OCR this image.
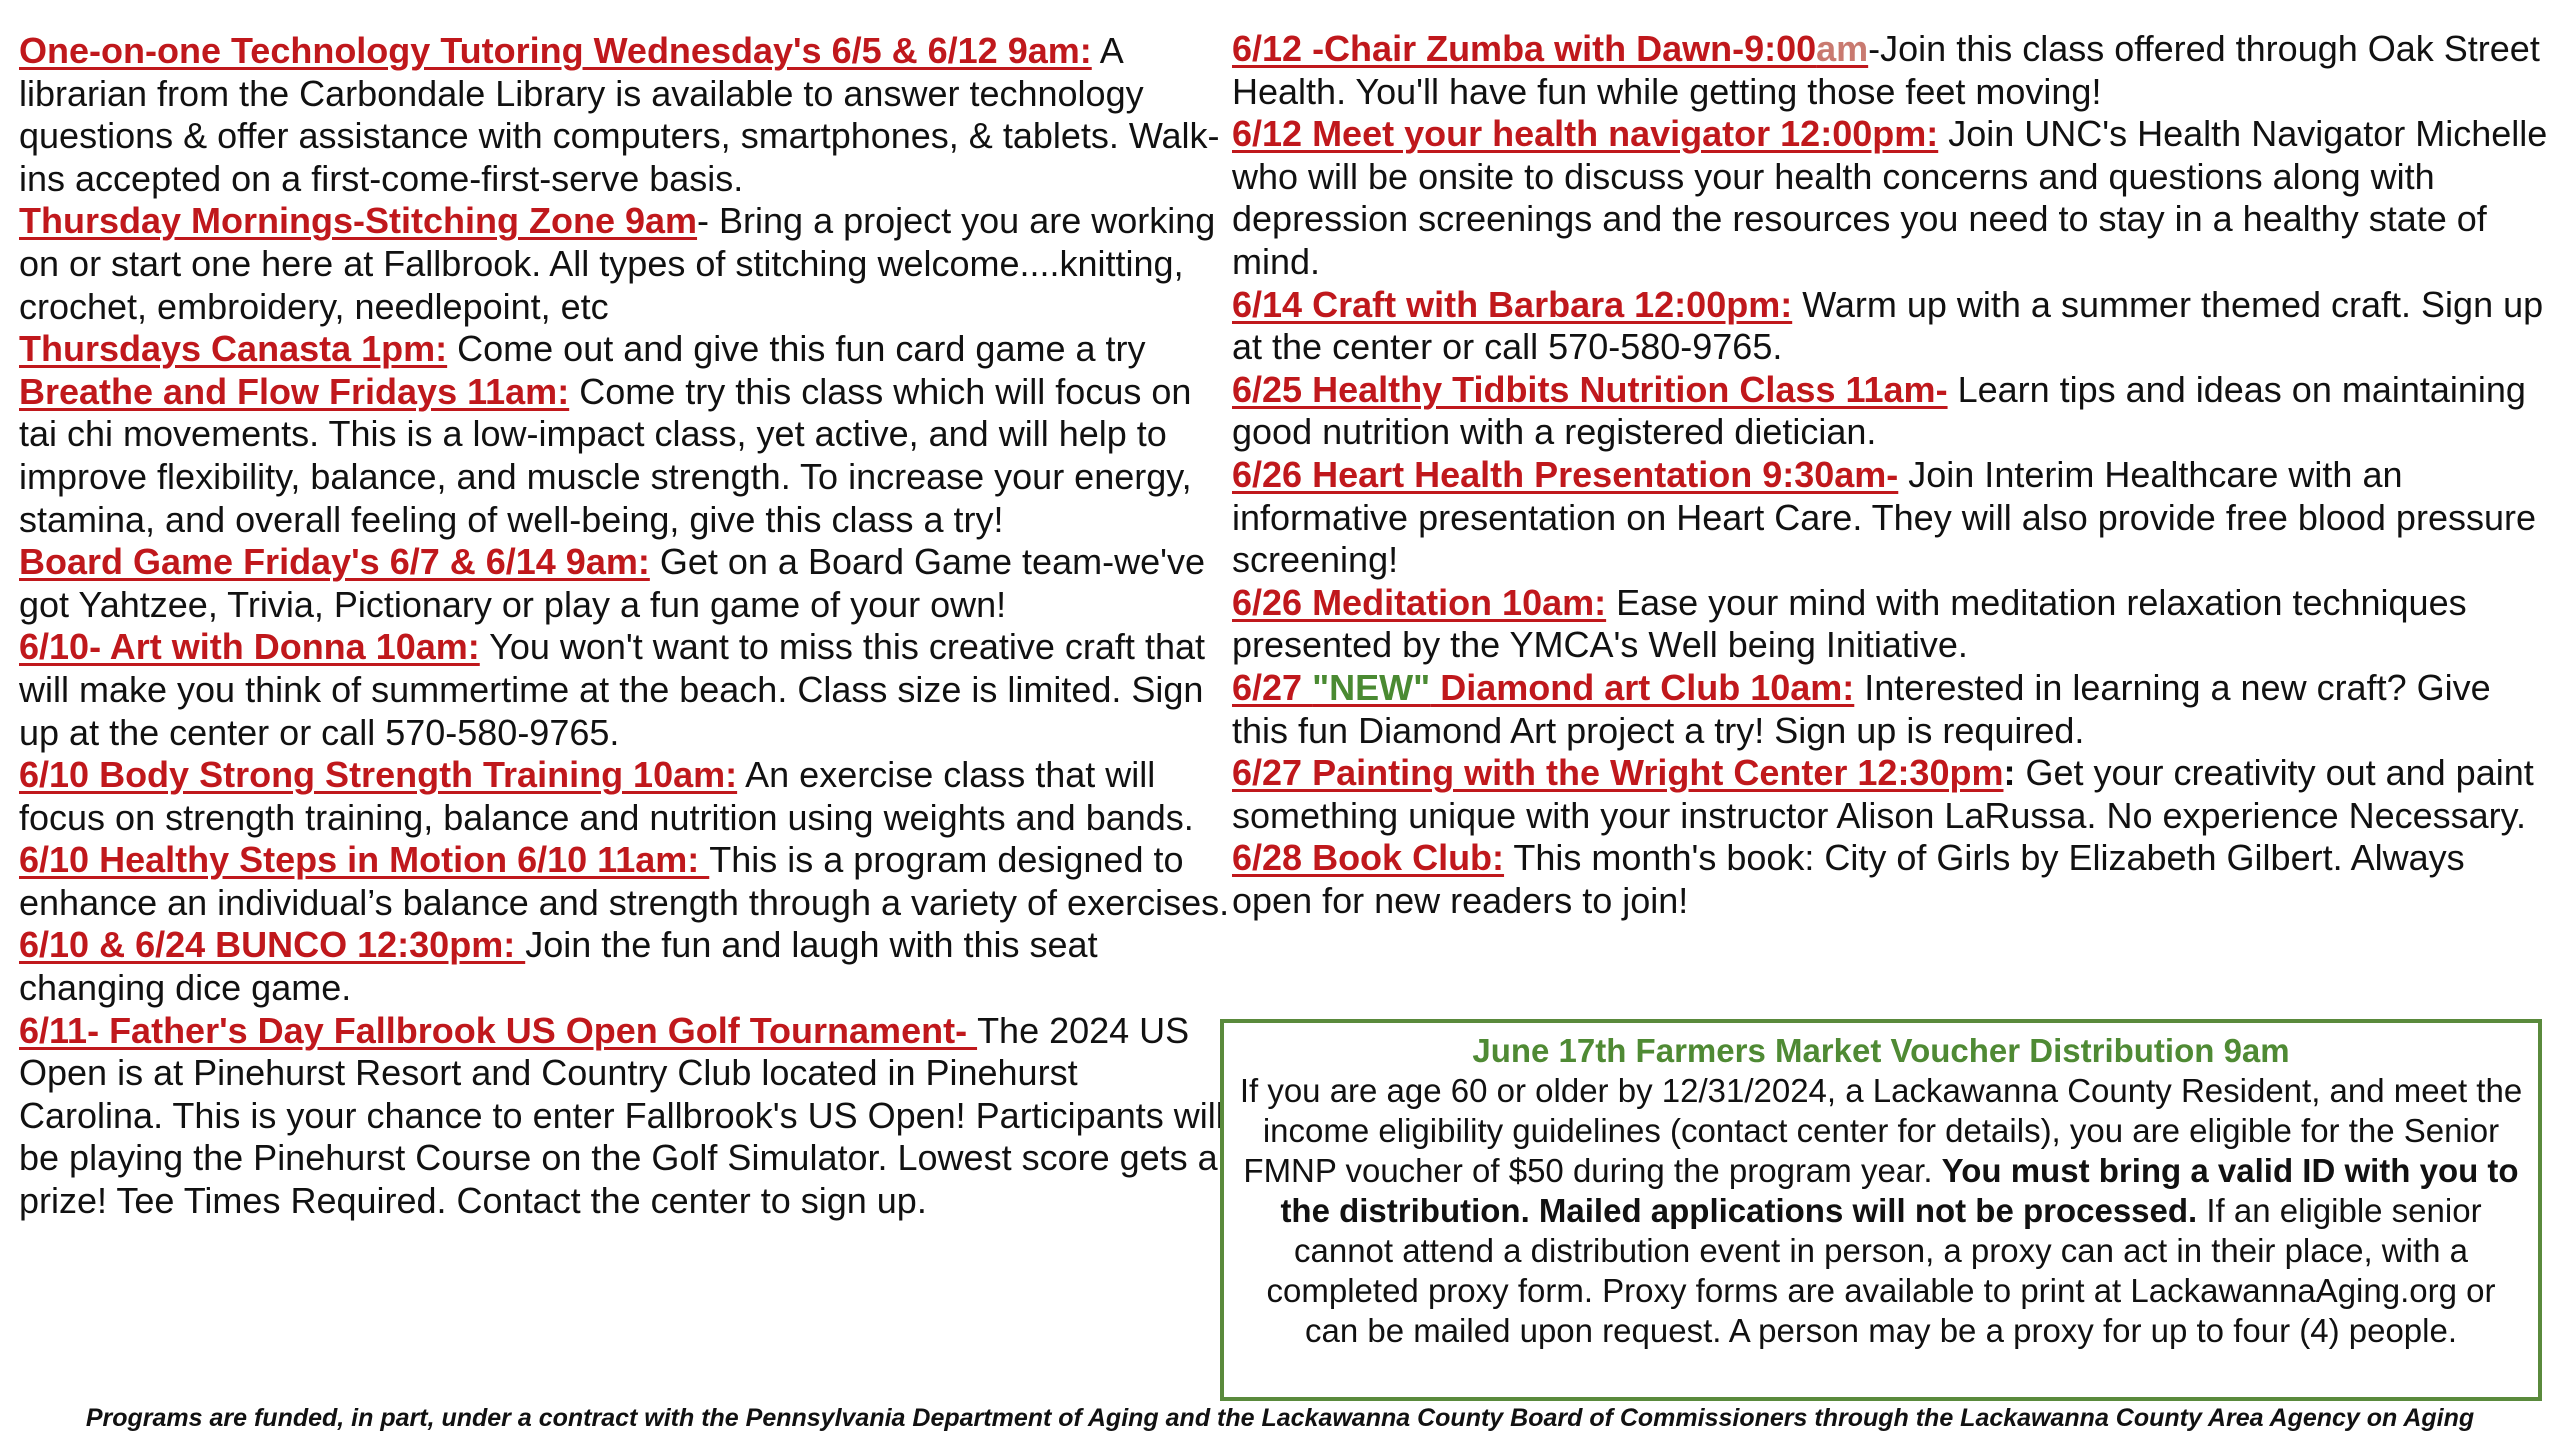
One-on-one Technology Tutoring Wednesday's 6/5 & 6/12 9am: A librarian from the Carbondale Library is available to answer technology questions & offer assistance with computers, smartphones, & tablets. Walk-ins accepted on a first-come-first-serve basis.

Thursday Mornings-Stitching Zone 9am- Bring a project you are working on or start one here at Fallbrook. All types of stitching welcome....knitting, crochet, embroidery, needlepoint, etc

Thursdays Canasta 1pm: Come out and give this fun card game a try

Breathe and Flow Fridays 11am: Come try this class which will focus on tai chi movements. This is a low-impact class, yet active, and will help to improve flexibility, balance, and muscle strength. To increase your energy, stamina, and overall feeling of well-being, give this class a try!

Board Game Friday's 6/7 & 6/14 9am: Get on a Board Game team-we've got Yahtzee, Trivia, Pictionary or play a fun game of your own!

6/10- Art with Donna 10am: You won't want to miss this creative craft that will make you think of summertime at the beach. Class size is limited. Sign up at the center or call 570-580-9765.

6/10 Body Strong Strength Training 10am: An exercise class that will focus on strength training, balance and nutrition using weights and bands.

6/10 Healthy Steps in Motion 6/10 11am: This is a program designed to enhance an individual’s balance and strength through a variety of exercises.

6/10 & 6/24 BUNCO 12:30pm: Join the fun and laugh with this seat changing dice game.

6/11- Father's Day Fallbrook US Open Golf Tournament- The 2024 US Open is at Pinehurst Resort and Country Club located in Pinehurst Carolina. This is your chance to enter Fallbrook's US Open! Participants will be playing the Pinehurst Course on the Golf Simulator. Lowest score gets a prize! Tee Times Required. Contact the center to sign up.

6/12 -Chair Zumba with Dawn-9:00am-Join this class offered through Oak Street Health. You'll have fun while getting those feet moving!

6/12 Meet your health navigator 12:00pm: Join UNC's Health Navigator Michelle who will be onsite to discuss your health concerns and questions along with depression screenings and the resources you need to stay in a healthy state of mind.

6/14 Craft with Barbara 12:00pm: Warm up with a summer themed craft. Sign up at the center or call 570-580-9765.

6/25 Healthy Tidbits Nutrition Class 11am- Learn tips and ideas on maintaining good nutrition with a registered dietician.

6/26 Heart Health Presentation 9:30am- Join Interim Healthcare with an informative presentation on Heart Care. They will also provide free blood pressure screening!

6/26 Meditation 10am: Ease your mind with meditation relaxation techniques presented by the YMCA's Well being Initiative.

6/27 "NEW" Diamond art Club 10am: Interested in learning a new craft? Give this fun Diamond Art project a try! Sign up is required.

6/27 Painting with the Wright Center 12:30pm: Get your creativity out and paint something unique with your instructor Alison LaRussa. No experience Necessary.

6/28 Book Club: This month's book: City of Girls by Elizabeth Gilbert. Always open for new readers to join!

June 17th Farmers Market Voucher Distribution 9am

If you are age 60 or older by 12/31/2024, a Lackawanna County Resident, and meet the income eligibility guidelines (contact center for details), you are eligible for the Senior FMNP voucher of $50 during the program year. You must bring a valid ID with you to the distribution. Mailed applications will not be processed. If an eligible senior cannot attend a distribution event in person, a proxy can act in their place, with a completed proxy form. Proxy forms are available to print at LackawannaAging.org or can be mailed upon request. A person may be a proxy for up to four (4) people.

Programs are funded, in part, under a contract with the Pennsylvania Department of Aging and the Lackawanna County Board of Commissioners through the Lackawanna County Area Agency on Aging
